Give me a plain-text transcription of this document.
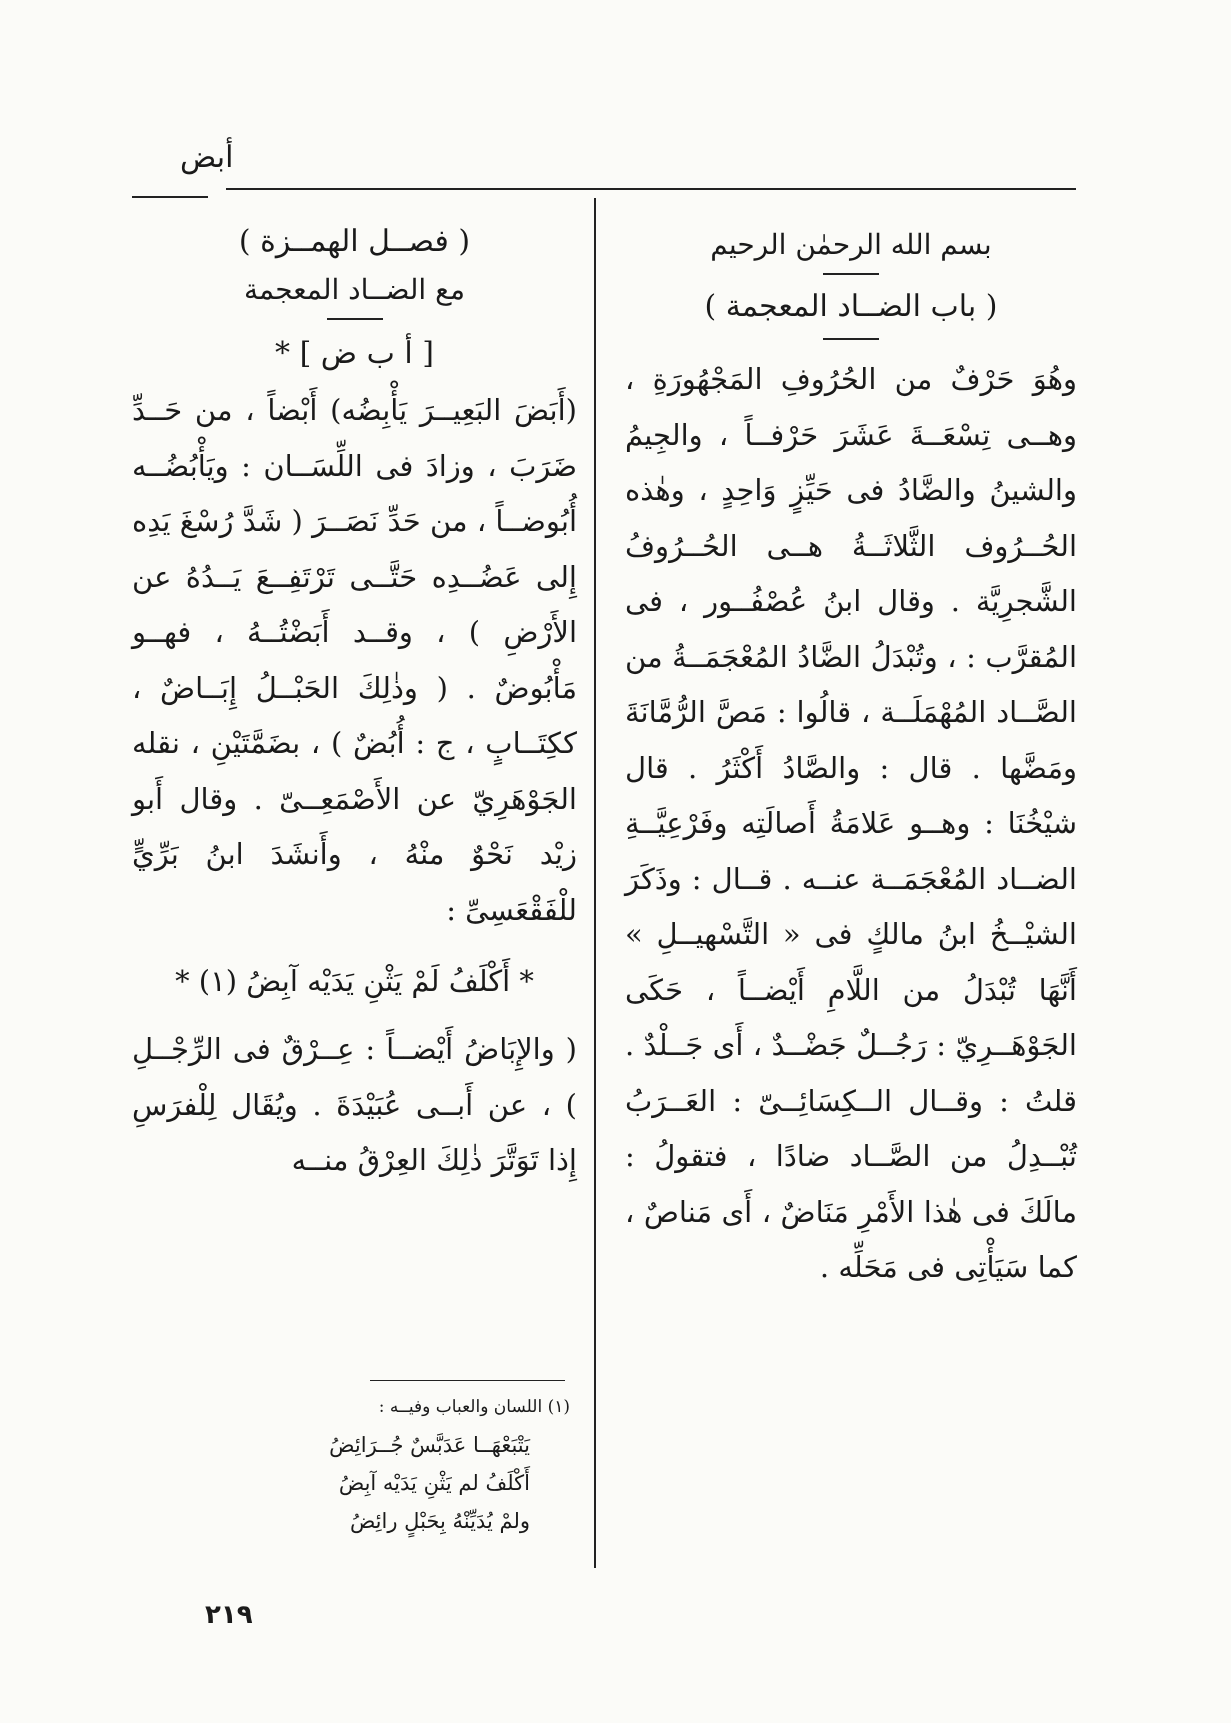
أبض
بسم الله الرحمٰن الرحيم
( باب الضــاد المعجمة )
وهُوَ حَرْفٌ من الحُرُوفِ المَجْهُورَةِ ، وهــى تِسْعَــةَ عَشَرَ حَرْفــاً ، والجِيمُ والشينُ والضَّادُ فى حَيِّزٍ وَاحِدٍ ، وهٰذه الحُــرُوف الثَّلاثَــةُ هــى الحُــرُوفُ الشَّجرِيَّة . وقال ابنُ عُصْفُــور ، فى المُقرَّب : ، وتُبْدَلُ الضَّادُ المُعْجَمَــةُ من الصَّــاد المُهْمَلَــة ، قالُوا : مَصَّ الرُّمَّانَةَ ومَضَّها . قال : والصَّادُ أَكْثَرُ . قال شيْخُنَا : وهــو عَلامَةُ أَصالَتِه وفَرْعِيَّــةِ الضــاد المُعْجَمَــة عنــه . قــال : وذَكَرَ الشيْــخُ ابنُ مالكٍ فى « التَّسْهيــلِ » أَنَّهَا تُبْدَلُ من اللَّامِ أَيْضــاً ، حَكَى الجَوْهَــرِيّ : رَجُــلٌ جَضْــدٌ ، أَى جَــلْدٌ . قلتُ : وقــال الــكِسَائِــىّ : العَــرَبُ تُبْــدِلُ من الصَّــاد ضادًا ، فتقولُ : مالَكَ فى هٰذا الأَمْرِ مَنَاضٌ ، أَى مَناصٌ ، كما سَيَأْتِى فى مَحَلِّه .
( فصــل الهمــزة )
مع الضــاد المعجمة
[ أ ب ض ] *
(أَبَضَ البَعِيــرَ يَأْبِضُه) أَبْضاً ، من حَــدِّ ضَرَبَ ، وزادَ فى اللِّسَــان : ويَأْبُضُــه أُبُوضــاً ، من حَدِّ نَصَــرَ ( شَدَّ رُسْغَ يَدِه إِلى عَضُــدِه حَتَّــى تَرْتَفِــعَ يَــدُهُ عن الأَرْضِ ) ، وقــد أَبَضْتُــهُ ، فهــو مَأْبُوضٌ . ( وذٰلِكَ الحَبْــلُ إِبَــاضٌ ، ككِتَــابٍ ، ج : أُبُضٌ ) ، بضَمَّتَيْنِ ، نقله الجَوْهَرِيّ عن الأَصْمَعِــىّ . وقال أَبو زيْد نَحْوٌ منْهُ ، وأَنشَدَ ابنُ بَرِّيٍّ للْفَقْعَسِىِّ :
* أَكْلَفُ لَمْ يَثْنِ يَدَيْه آبِضُ (١) *
( والإِبَاضُ أَيْضــاً : عِــرْقٌ فى الرِّجْــلِ ) ، عن أَبــى عُبَيْدَةَ . ويُقَال لِلْفرَسِ إِذا تَوَتَّرَ ذٰلِكَ العِرْقُ منــه
(١) اللسان والعباب وفيــه :
يَتْبَعْهَــا عَدَبَّسٌ جُــرَائِضُ
أَكْلَفُ لم يَثْنِ يَدَيْه آبِضُ
ولمْ يُدَيِّنْهُ بِحَبْلٍ رائِضُ
٢١٩
